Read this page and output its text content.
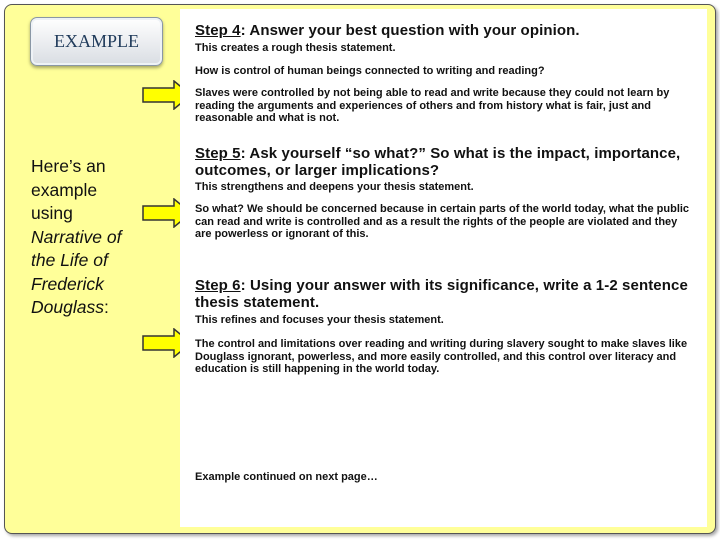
EXAMPLE
Here’s an
example
using
Narrative of
the Life of
Frederick
Douglass:
Step 4: Answer your best question with your opinion.
This creates a rough thesis statement.
How is control of human beings connected to writing and reading?
Slaves were controlled by not being able to read and write because they could not learn by reading the arguments and experiences of others and from history what is fair, just and reasonable and what is not.
Step 5: Ask yourself “so what?” So what is the impact, importance, outcomes, or larger implications?
This strengthens and deepens your thesis statement.
So what? We should be concerned because in certain parts of the world today, what the public can read and write is controlled and as a result the rights of the people are violated and they are powerless or ignorant of this.
Step 6: Using your answer with its significance, write a 1-2 sentence thesis statement.
This refines and focuses your thesis statement.
The control and limitations over reading and writing during slavery sought to make slaves like Douglass ignorant, powerless, and more easily controlled, and this control over literacy and education is still happening in the world today.
Example continued on next page…
